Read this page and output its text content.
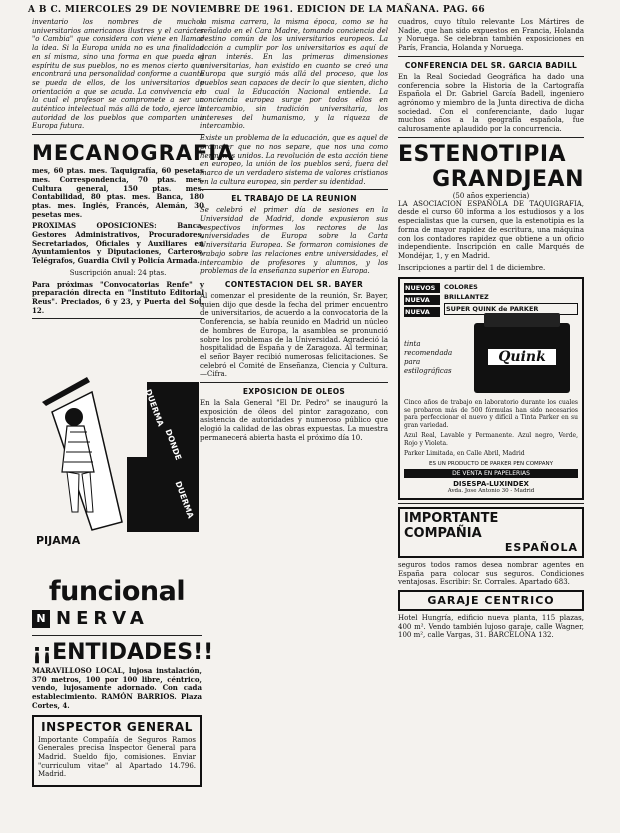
A B C. MIERCOLES 29 DE NOVIEMBRE DE 1961. EDICION DE LA MAÑANA. PAG. 66

inventario los nombres de muchos universitarios americanos ilustres y el carácter "o Cambia" que considera con viene en llamar la idea. Si la Europa unida no es una finalidad en sí misma, sino una forma en que pueda el espíritu de sus pueblos, no es menos cierto que encontrará una personalidad conforme a cuanto se pueda de ellos, de los universitarios de orientación a que se acuda. La convivencia en la cual el profesor se compromete a ser un auténtico intelectual más allá de todo, ejerce la autoridad de los pueblos que comparten una Europa futura.

MECANOGRAFIA

mes, 60 ptas. mes. Taquigrafía, 60 pesetas mes. Correspondencia, 70 ptas. mes. Cultura general, 150 ptas. mes. Contabilidad, 80 ptas. mes. Banca, 180 ptas. mes. Inglés, Francés, Alemán, 30 pesetas mes.

PROXIMAS OPOSICIONES: Banca, Gestores Administrativos, Procuradores, Secretariados, Oficiales y Auxiliares en Ayuntamientos y Diputaciones, Carteros, Telégrafos, Guardia Civil y Policía Armada.

Suscripción anual: 24 ptas.

Para próximas "Convocatorias Renfe" y preparación directa en "Instituto Editorial Reus". Preciados, 6 y 23, y Puerta del Sol, 12.

DUERMA
DONDE
DUERMA
PIJAMA
funcional
N NERVA
¡¡ENTIDADES!!

MARAVILLOSO LOCAL, lujosa instalación, 370 metros, 100 por 100 libre, céntrico, vendo, lujosamente adornado. Con cada establecimiento. RAMÓN BARRIOS. Plaza Cortes, 4.

INSPECTOR GENERAL

Importante Compañía de Seguros Ramos Generales precisa Inspector General para Madrid. Sueldo fijo, comisiones. Enviar "curriculum vitae" al Apartado 14.796. Madrid.

la misma carrera, la misma época, como se ha señalado en el Cara Madre, tomando conciencia del destino común de los universitarios europeos. La acción a cumplir por los universitarios es aquí de gran interés. En las primeras dimensiones universitarias, han existido en cuanto se creó una Europa que surgió más allá del proceso, que los pueblos sean capaces de decir lo que sienten, dicho lo cual la Educación Nacional entiende. La conciencia europea surge por todos ellos en intercambio, sin tradición universitaria, los intereses del humanismo, y la riqueza de intercambio.

Existe un problema de la educación, que es aquel de prometer que no nos separe, que nos una como hermanos unidos. La revolución de esta acción tiene en europeo, la unión de los pueblos será, fuera del marco de un verdadero sistema de valores cristianos en la cultura europea, sin perder su identidad.

EL TRABAJO DE LA REUNION

Se celebró el primer día de sesiones en la Universidad de Madrid, donde expusieron sus respectivos informes los rectores de las universidades de Europa sobre la Carta Universitaria Europea. Se formaron comisiones de trabajo sobre las relaciones entre universidades, el intercambio de profesores y alumnos, y los problemas de la enseñanza superior en Europa.

CONTESTACION DEL SR. BAYER

Al comenzar el presidente de la reunión, Sr. Bayer, quien dijo que desde la fecha del primer encuentro de universitarios, de acuerdo a la convocatoria de la Conferencia, se había reunido en Madrid un núcleo de hombres de Europa, la asamblea se pronunció sobre los problemas de la Universidad. Agradeció la hospitalidad de España y de Zaragoza. Al terminar, el señor Bayer recibió numerosas felicitaciones. Se celebró el Comité de Enseñanza, Ciencia y Cultura.—Cifra.

EXPOSICION DE OLEOS

En la Sala General "El Dr. Pedro" se inauguró la exposición de óleos del pintor zaragozano, con asistencia de autoridades y numeroso público que elogió la calidad de las obras expuestas. La muestra permanecerá abierta hasta el próximo día 10.

cuadros, cuyo título relevante Los Mártires de Nadie, que han sido expuestos en Francia, Holanda y Noruega. Se celebran también exposiciones en París, Francia, Holanda y Noruega.

CONFERENCIA DEL SR. GARCIA BADILL

En la Real Sociedad Geográfica ha dado una conferencia sobre la Historia de la Cartografía Española el Dr. Gabriel García Badell, ingeniero agrónomo y miembro de la Junta directiva de dicha sociedad. Con el conferenciante, dado lugar muchos años a la geografía española, fue calurosamente aplaudido por la concurrencia.

ESTENOTIPIA
GRANDJEAN
(50 años experiencia)

LA ASOCIACION ESPAÑOLA DE TAQUIGRAFIA, desde el curso 60 informa a los estudiosos y a los especialistas que la cursen, que la estenotipia es la forma de mayor rapidez de escritura, una máquina con los contadores rapidez que obtiene a un oficio independiente. Inscripción en calle Marqués de Mondéjar, 1, y en Madrid.

Inscripciones a partir del 1 de diciembre.

NUEVOS
NUEVA
NUEVA
COLORES
BRILLANTEZ
SUPER QUINK de PARKER
tinta
recomendada
para
estilográficas
Quink

Cinco años de trabajo en laboratorio durante los cuales se probaron más de 500 fórmulas han sido necesarios para perfeccionar el nuevo y difícil a Tinta Parker en su gran variedad.

Azul Real, Lavable y Permanente. Azul negro, Verde, Rojo y Violeta.

Parker Limitada, en Calle Abril, Madrid

ES UN PRODUCTO DE PARKER PEN COMPANY
DE VENTA EN PAPELERIAS
DISESPA-LUXINDEX
Avda. Jose Antonio 30 - Madrid
IMPORTANTE COMPAÑIA
ESPAÑOLA

seguros todos ramos desea nombrar agentes en España para colocar sus seguros. Condiciones ventajosas. Escribir: Sr. Corrales. Apartado 683.

GARAJE CENTRICO

Hotel Hungría, edificio nueva planta, 115 plazas, 400 m². Vendo también lujoso garaje, calle Wagner, 100 m², calle Vargas, 31. BARCELONA 132.
